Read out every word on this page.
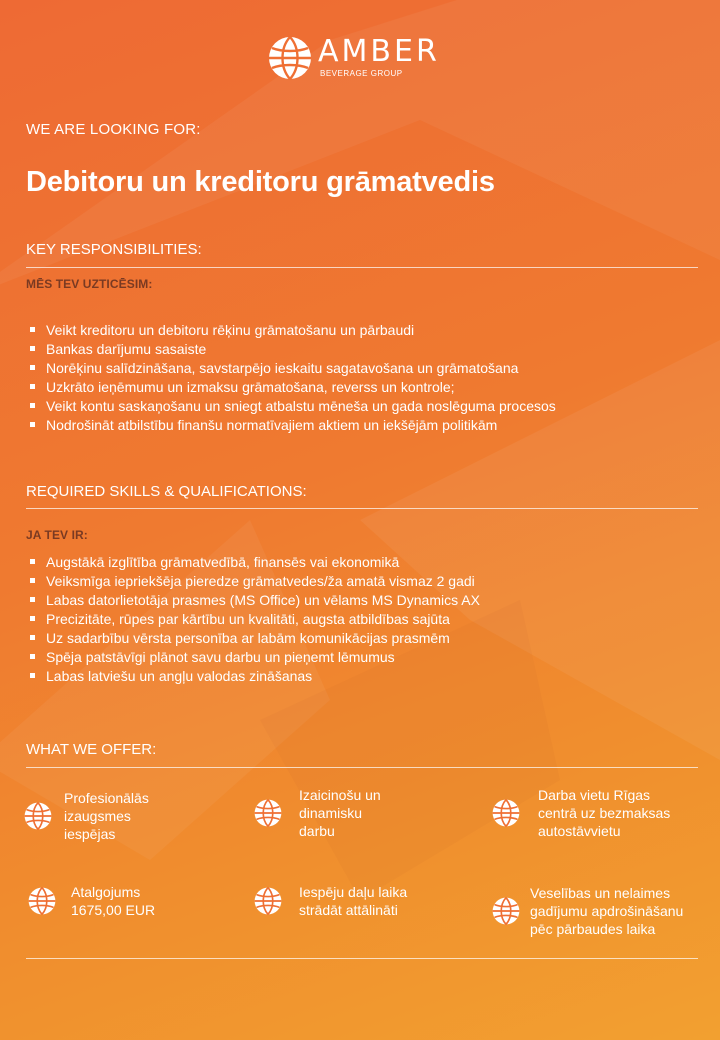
AMBER
BEVERAGE GROUP
WE ARE LOOKING FOR:
Debitoru un kreditoru grāmatvedis
KEY RESPONSIBILITIES:
MĒS TEV UZTICĒSIM:
Veikt kreditoru un debitoru rēķinu grāmatošanu un pārbaudi
Bankas darījumu sasaiste
Norēķinu salīdzināšana, savstarpējo ieskaitu sagatavošana un grāmatošana
Uzkrāto ieņēmumu un izmaksu grāmatošana, reverss un kontrole;
Veikt kontu saskaņošanu un sniegt atbalstu mēneša un gada noslēguma procesos
Nodrošināt atbilstību finanšu normatīvajiem aktiem un iekšējām politikām
REQUIRED SKILLS & QUALIFICATIONS:
JA TEV IR:
Augstākā izglītība grāmatvedībā, finansēs vai ekonomikā
Veiksmīga iepriekšēja pieredze grāmatvedes/ža amatā vismaz 2 gadi
Labas datorlietotāja prasmes (MS Office) un vēlams MS Dynamics AX
Precizitāte, rūpes par kārtību un kvalitāti, augsta atbildības sajūta
Uz sadarbību vērsta personība ar labām komunikācijas prasmēm
Spēja patstāvīgi plānot savu darbu un pieņemt lēmumus
Labas latviešu un angļu valodas zināšanas
WHAT WE OFFER:
Profesionālās
izaugsmes
iespējas
Izaicinošu un
dinamisku
darbu
Darba vietu Rīgas
centrā uz bezmaksas
autostāvvietu
Atalgojums
1675,00 EUR
Iespēju daļu laika
strādāt attālināti
Veselības un nelaimes
gadījumu apdrošināšanu
pēc pārbaudes laika
